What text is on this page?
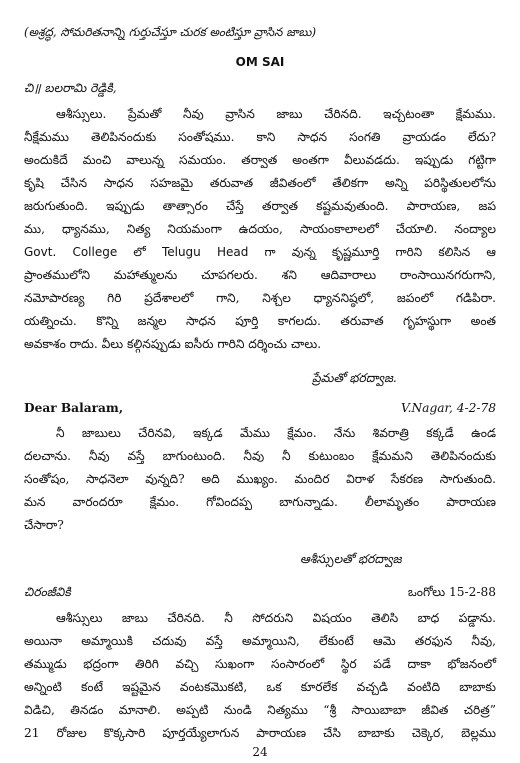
(అశ్రద్ధ, సోమరితనాన్ని గుర్తుచేస్తూ చురక అంటిస్తూ వ్రాసిన జాబు)
OM SAI
చి॥ బలరామి రెడ్డికి,
ఆశీస్సులు. ప్రేమతో నీవు వ్రాసిన జాబు చేరినది. ఇచ్చటంతా క్షేమము.
నీక్షేమము తెలిపినందుకు సంతోషము. కాని సాధన సంగతి వ్రాయడం లేదు?
అందుకిదే మంచి వాలున్న సమయం. తర్వాత అంతగా వీలువడదు. ఇప్పుడు గట్టిగా
కృషి చేసిన సాధన సహజమై తరువాత జీవితంలో తేలికగా అన్ని పరిస్థితులలోను
జరుగుతుంది. ఇప్పుడు తాత్సారం చేస్తే తర్వాత కష్టమవుతుంది. పారాయణ, జప
ము, ధ్యానము, నిత్య నియమంగా ఉదయం, సాయంకాలాలలో చేయాలి. నంద్యాల
Govt. College లో Telugu Head గా వున్న కృష్ణమూర్తి గారిని కలిసిన ఆ
ప్రాంతములోని మహాత్ములను చూపగలరు. శని ఆదివారాలు రాంసాయినగరుగాని,
నమోపారణ్య గిరి ప్రదేశాలలో గాని, నిశ్చల ధ్యాననిష్ఠలో, జపంలో గడిపిరా.
యత్నించు. కొన్ని జన్మల సాధన పూర్తి కాగలదు. తరువాత గృహస్థుగా అంత
అవకాశం రాదు. వీలు కల్గినప్పుడు ఐసీరు గారిని దర్శించు చాలు.
ప్రేమతో భరద్వాజ.
Dear Balaram,	V.Nagar, 4-2-78
నీ జాబులు చేరినవి, ఇక్కడ మేము క్షేమం. నేను శివరాత్రి కక్కడే ఉండ
దలచాను. నీవు వస్తే బాగుంటుంది. నీవు నీ కుటుంబం క్షేమమని తెలిపినందుకు
సంతోషం, సాధనెలా వున్నది? అది ముఖ్యం. మందిర విరాళ సేకరణ సాగుతుంది.
మన వారందరూ క్షేమం. గోవిందప్ప బాగున్నాడు. లీలామృతం పారాయణ
చేసారా?
ఆశీస్సులతో భరద్వాజ
చిరంజీవికి	ఒంగోలు 15-2-88
ఆశీస్సులు జాబు చేరినది. నీ సోదరుని విషయం తెలిసి బాధ పడ్డాను.
అయినా అమ్మాయికి చదువు వస్తే అమ్మాయిని, లేకుంటే ఆమె తరఫున నీవు,
తమ్ముడు భద్రంగా తిరిగి వచ్చి సుఖంగా సంసారంలో స్థిర పడే దాకా భోజనంలో
అన్నింటి కంటే ఇష్టమైన వంటకమొకటి, ఒక కూరలేక వచ్చడి వంటిది బాబాకు
విడిచి, తినడం మానాలి. అప్పటి నుండి నిత్యము “శ్రీ సాయిబాబా జీవిత చరిత్ర”
21 రోజుల కొక్కసారి పూర్తయ్యేలాగున పారాయణ చేసి బాబాకు చెక్కెర, బెల్లము
24
